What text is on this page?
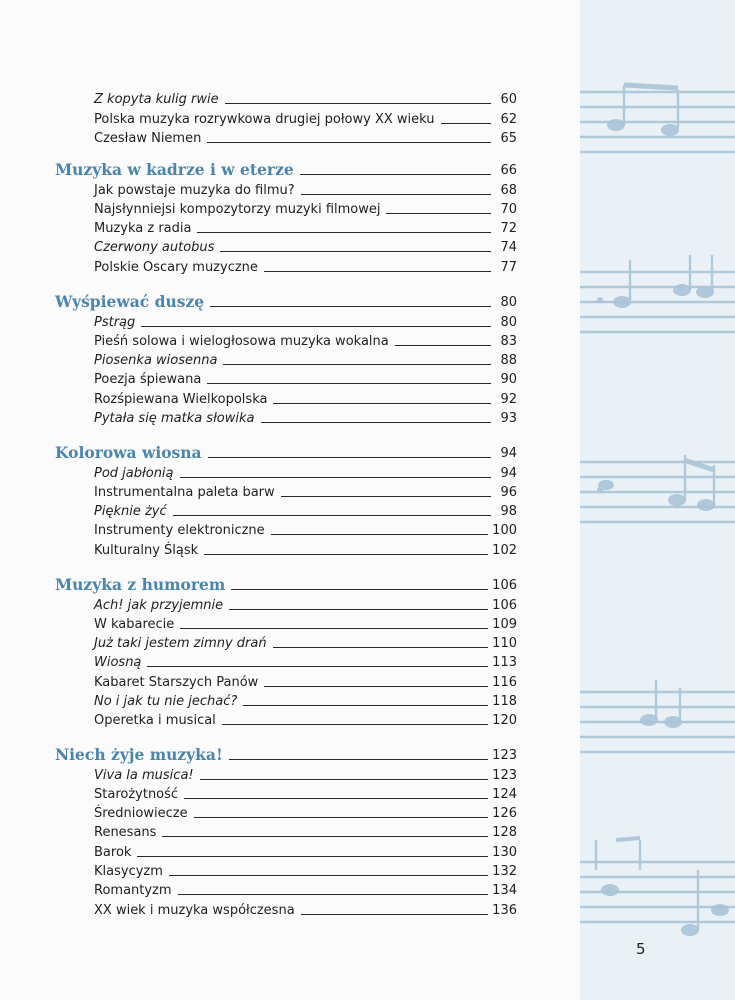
Z kopyta kulig rwie	60
Polska muzyka rozrywkowa drugiej połowy XX wieku	62
Czesław Niemen	65
Muzyka w kadrze i w eterze	66
Jak powstaje muzyka do filmu?	68
Najsłynniejsi kompozytorzy muzyki filmowej	70
Muzyka z radia	72
Czerwony autobus	74
Polskie Oscary muzyczne	77
Wyśpiewać duszę	80
Pstrąg	80
Pieśń solowa i wielogłosowa muzyka wokalna	83
Piosenka wiosenna	88
Poezja śpiewana	90
Rozśpiewana Wielkopolska	92
Pytała się matka słowika	93
Kolorowa wiosna	94
Pod jabłonią	94
Instrumentalna paleta barw	96
Pięknie żyć	98
Instrumenty elektroniczne	100
Kulturalny Śląsk	102
Muzyka z humorem	106
Ach! jak przyjemnie	106
W kabarecie	109
Już taki jestem zimny drań	110
Wiosną	113
Kabaret Starszych Panów	116
No i jak tu nie jechać?	118
Operetka i musical	120
Niech żyje muzyka!	123
Viva la musica!	123
Starożytność	124
Średniowiecze	126
Renesans	128
Barok	130
Klasycyzm	132
Romantyzm	134
XX wiek i muzyka współczesna	136
5
